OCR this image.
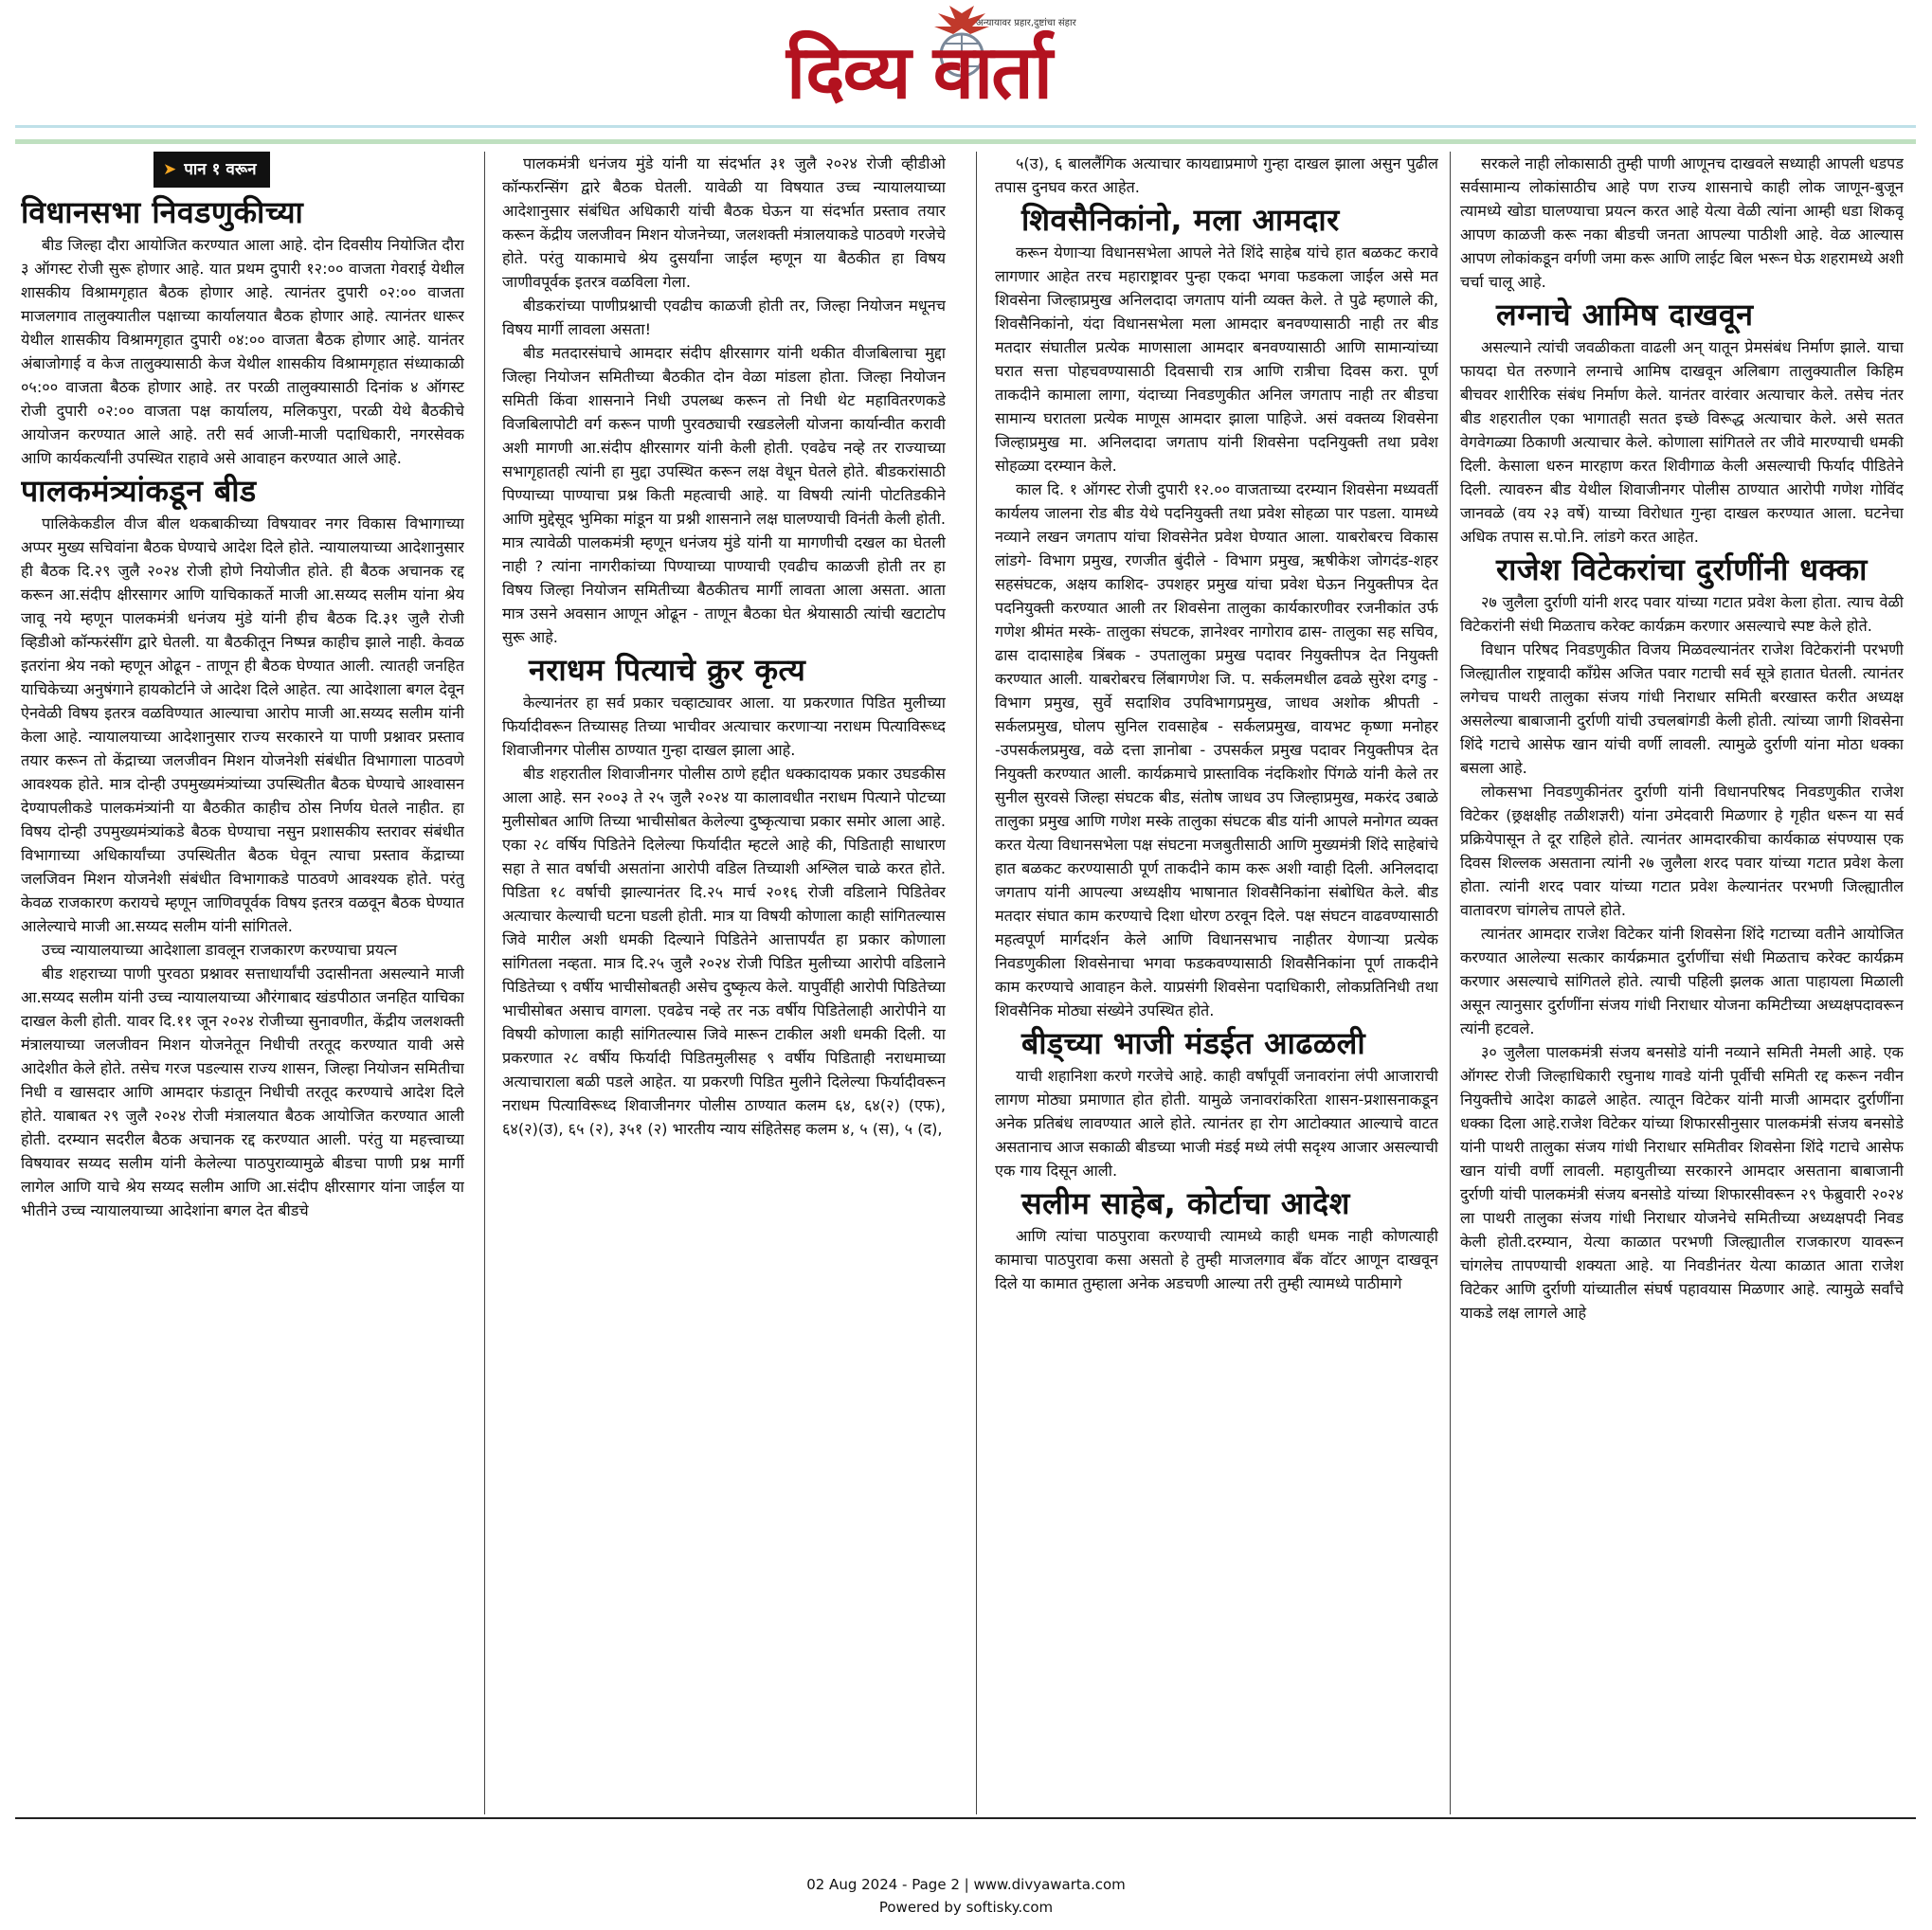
अन्यायावर प्रहार,दुष्टांचा संहार
दिव्य वार्ता
➤ पान १ वरून
विधानसभा निवडणुकीच्या

बीड जिल्हा दौरा आयोजित करण्यात आला आहे. दोन दिवसीय नियोजित दौरा ३ ऑगस्ट रोजी सुरू होणार आहे. यात प्रथम दुपारी १२:०० वाजता गेवराई येथील शासकीय विश्रामगृहात बैठक होणार आहे. त्यानंतर दुपारी ०२:०० वाजता माजलगाव तालुक्यातील पक्षाच्या कार्यालयात बैठक होणार आहे. त्यानंतर धारूर येथील शासकीय विश्रामगृहात दुपारी ०४:०० वाजता बैठक होणार आहे. यानंतर अंबाजोगाई व केज तालुक्यासाठी केज येथील शासकीय विश्रामगृहात संध्याकाळी ०५:०० वाजता बैठक होणार आहे. तर परळी तालुक्यासाठी दिनांक ४ ऑगस्ट रोजी दुपारी ०२:०० वाजता पक्ष कार्यालय, मलिकपुरा, परळी येथे बैठकीचे आयोजन करण्यात आले आहे. तरी सर्व आजी-माजी पदाधिकारी, नगरसेवक आणि कार्यकर्त्यांनी उपस्थित राहावे असे आवाहन करण्यात आले आहे.

पालकमंत्र्यांकडून बीड

पालिकेकडील वीज बील थकबाकीच्या विषयावर नगर विकास विभागाच्या अप्पर मुख्य सचिवांना बैठक घेण्याचे आदेश दिले होते. न्यायालयाच्या आदेशानुसार ही बैठक दि.२९ जुलै २०२४ रोजी होणे नियोजीत होते. ही बैठक अचानक रद्द करून आ.संदीप क्षीरसागर आणि याचिकाकर्ते माजी आ.सय्यद सलीम यांना श्रेय जावू नये म्हणून पालकमंत्री धनंजय मुंडे यांनी हीच बैठक दि.३१ जुलै रोजी व्हिडीओ कॉन्फरंसींग द्वारे घेतली. या बैठकीतून निष्पन्न काहीच झाले नाही. केवळ इतरांना श्रेय नको म्हणून ओढून - ताणून ही बैठक घेण्यात आली. त्यातही जनहित याचिकेच्या अनुषंगाने हायकोर्टाने जे आदेश दिले आहेत. त्या आदेशाला बगल देवून ऐनवेळी विषय इतरत्र वळविण्यात आल्याचा आरोप माजी आ.सय्यद सलीम यांनी केला आहे. न्यायालयाच्या आदेशानुसार राज्य सरकारने या पाणी प्रश्नावर प्रस्ताव तयार करून तो केंद्राच्या जलजीवन मिशन योजनेशी संबंधीत विभागाला पाठवणे आवश्यक होते. मात्र दोन्ही उपमुख्यमंत्र्यांच्या उपस्थितीत बैठक घेण्याचे आश्वासन देण्यापलीकडे पालकमंत्र्यांनी या बैठकीत काहीच ठोस निर्णय घेतले नाहीत. हा विषय दोन्ही उपमुख्यमंत्र्यांकडे बैठक घेण्याचा नसुन प्रशासकीय स्तरावर संबंधीत विभागाच्या अधिकार्यांच्या उपस्थितीत बैठक घेवून त्याचा प्रस्ताव केंद्राच्या जलजिवन मिशन योजनेशी संबंधीत विभागाकडे पाठवणे आवश्यक होते. परंतु केवळ राजकारण करायचे म्हणून जाणिवपूर्वक विषय इतरत्र वळवून बैठक घेण्यात आलेल्याचे माजी आ.सय्यद सलीम यांनी सांगितले.

उच्च न्यायालयाच्या आदेशाला डावलून राजकारण करण्याचा प्रयत्न

बीड शहराच्या पाणी पुरवठा प्रश्नावर सत्ताधार्यांची उदासीनता असल्याने माजी आ.सय्यद सलीम यांनी उच्च न्यायालयाच्या औरंगाबाद खंडपीठात जनहित याचिका दाखल केली होती. यावर दि.११ जून २०२४ रोजीच्या सुनावणीत, केंद्रीय जलशक्ती मंत्रालयाच्या जलजीवन मिशन योजनेतून निधीची तरतूद करण्यात यावी असे आदेशीत केले होते. तसेच गरज पडल्यास राज्य शासन, जिल्हा नियोजन समितीचा निधी व खासदार आणि आमदार फंडातून निधीची तरतूद करण्याचे आदेश दिले होते. याबाबत २९ जुलै २०२४ रोजी मंत्रालयात बैठक आयोजित करण्यात आली होती. दरम्यान सदरील बैठक अचानक रद्द करण्यात आली. परंतु या महत्त्वाच्या विषयावर सय्यद सलीम यांनी केलेल्या पाठपुराव्यामुळे बीडचा पाणी प्रश्न मार्गी लागेल आणि याचे श्रेय सय्यद सलीम आणि आ.संदीप क्षीरसागर यांना जाईल या भीतीने उच्च न्यायालयाच्या आदेशांना बगल देत बीडचे

पालकमंत्री धनंजय मुंडे यांनी या संदर्भात ३१ जुलै २०२४ रोजी व्हीडीओ कॉन्फरन्सिंग द्वारे बैठक घेतली. यावेळी या विषयात उच्च न्यायालयाच्या आदेशानुसार संबंधित अधिकारी यांची बैठक घेऊन या संदर्भात प्रस्ताव तयार करून केंद्रीय जलजीवन मिशन योजनेच्या, जलशक्ती मंत्रालयाकडे पाठवणे गरजेचे होते. परंतु याकामाचे श्रेय दुसर्यांना जाईल म्हणून या बैठकीत हा विषय जाणीवपूर्वक इतरत्र वळविला गेला.

बीडकरांच्या पाणीप्रश्नाची एवढीच काळजी होती तर, जिल्हा नियोजन मधूनच विषय मार्गी लावला असता!

बीड मतदारसंघाचे आमदार संदीप क्षीरसागर यांनी थकीत वीजबिलाचा मुद्दा जिल्हा नियोजन समितीच्या बैठकीत दोन वेळा मांडला होता. जिल्हा नियोजन समिती किंवा शासनाने निधी उपलब्ध करून तो निधी थेट महावितरणकडे विजबिलापोटी वर्ग करून पाणी पुरवठ्याची रखडलेली योजना कार्यान्वीत करावी अशी मागणी आ.संदीप क्षीरसागर यांनी केली होती. एवढेच नव्हे तर राज्याच्या सभागृहातही त्यांनी हा मुद्दा उपस्थित करून लक्ष वेधून घेतले होते. बीडकरांसाठी पिण्याच्या पाण्याचा प्रश्न किती महत्वाची आहे. या विषयी त्यांनी पोटतिडकीने आणि मुद्देसूद भुमिका मांडून या प्रश्नी शासनाने लक्ष घालण्याची विनंती केली होती. मात्र त्यावेळी पालकमंत्री म्हणून धनंजय मुंडे यांनी या मागणीची दखल का घेतली नाही ? त्यांना नागरीकांच्या पिण्याच्या पाण्याची एवढीच काळजी होती तर हा विषय जिल्हा नियोजन समितीच्या बैठकीतच मार्गी लावता आला असता. आता मात्र उसने अवसान आणून ओढून - ताणून बैठका घेत श्रेयासाठी त्यांची खटाटोप सुरू आहे.

नराधम पित्याचे क्रुर कृत्य

केल्यानंतर हा सर्व प्रकार चव्हाट्यावर आला. या प्रकरणात पिडित मुलीच्या फिर्यादीवरून तिच्यासह तिच्या भाचीवर अत्याचार करणाऱ्या नराधम पित्याविरूध्द शिवाजीनगर पोलीस ठाण्यात गुन्हा दाखल झाला आहे.

बीड शहरातील शिवाजीनगर पोलीस ठाणे हद्दीत धक्कादायक प्रकार उघडकीस आला आहे. सन २००३ ते २५ जुलै २०२४ या कालावधीत नराधम पित्याने पोटच्या मुलीसोबत आणि तिच्या भाचीसोबत केलेल्या दुष्कृत्याचा प्रकार समोर आला आहे. एका २८ वर्षिय पिडितेने दिलेल्या फिर्यादीत म्हटले आहे की, पिडिताही साधारण सहा ते सात वर्षाची असतांना आरोपी वडिल तिच्याशी अश्लिल चाळे करत होते. पिडिता १८ वर्षाची झाल्यानंतर दि.२५ मार्च २०१६ रोजी वडिलाने पिडितेवर अत्याचार केल्याची घटना घडली होती. मात्र या विषयी कोणाला काही सांगितल्यास जिवे मारील अशी धमकी दिल्याने पिडितेने आत्तापर्यंत हा प्रकार कोणाला सांगितला नव्हता. मात्र दि.२५ जुलै २०२४ रोजी पिडित मुलीच्या आरोपी वडिलाने पिडितेच्या ९ वर्षीय भाचीसोबतही असेच दुष्कृत्य केले. यापुर्वीही आरोपी पिडितेच्या भाचीसोबत असाच वागला. एवढेच नव्हे तर नऊ वर्षीय पिडितेलाही आरोपीने या विषयी कोणाला काही सांगितल्यास जिवे मारून टाकील अशी धमकी दिली. या प्रकरणात २८ वर्षीय फिर्यादी पिडितमुलीसह ९ वर्षीय पिडिताही नराधमाच्या अत्याचाराला बळी पडले आहेत. या प्रकरणी पिडित मुलीने दिलेल्या फिर्यादीवरून नराधम पित्याविरूध्द शिवाजीनगर पोलीस ठाण्यात कलम ६४, ६४(२) (एफ), ६४(२)(उ), ६५ (२), ३५१ (२) भारतीय न्याय संहितेसह कलम ४, ५ (स), ५ (द),

५(उ), ६ बाललैंगिक अत्याचार कायद्याप्रमाणे गुन्हा दाखल झाला असुन पुढील तपास दुनघव करत आहेत.

शिवसैनिकांनो, मला आमदार

करून येणाऱ्या विधानसभेला आपले नेते शिंदे साहेब यांचे हात बळकट करावे लागणार आहेत तरच महाराष्ट्रावर पुन्हा एकदा भगवा फडकला जाईल असे मत शिवसेना जिल्हाप्रमुख अनिलदादा जगताप यांनी व्यक्त केले. ते पुढे म्हणाले की, शिवसैनिकांनो, यंदा विधानसभेला मला आमदार बनवण्यासाठी नाही तर बीड मतदार संघातील प्रत्येक माणसाला आमदार बनवण्यासाठी आणि सामान्यांच्या घरात सत्ता पोहचवण्यासाठी दिवसाची रात्र आणि रात्रीचा दिवस करा. पूर्ण ताकदीने कामाला लागा, यंदाच्या निवडणुकीत अनिल जगताप नाही तर बीडचा सामान्य घरातला प्रत्येक माणूस आमदार झाला पाहिजे. असं वक्तव्य शिवसेना जिल्हाप्रमुख मा. अनिलदादा जगताप यांनी शिवसेना पदनियुक्ती तथा प्रवेश सोहळ्या दरम्यान केले.

काल दि. १ ऑगस्ट रोजी दुपारी १२.०० वाजताच्या दरम्यान शिवसेना मध्यवर्ती कार्यलय जालना रोड बीड येथे पदनियुक्ती तथा प्रवेश सोहळा पार पडला. यामध्ये नव्याने लखन जगताप यांचा शिवसेनेत प्रवेश घेण्यात आला. याबरोबरच विकास लांडगे- विभाग प्रमुख, रणजीत बुंदीले - विभाग प्रमुख, ऋषीकेश जोगदंड-शहर सहसंघटक, अक्षय काशिद- उपशहर प्रमुख यांचा प्रवेश घेऊन नियुक्तीपत्र देत पदनियुक्ती करण्यात आली तर शिवसेना तालुका कार्यकारणीवर रजनीकांत उर्फ गणेश श्रीमंत मस्के- तालुका संघटक, ज्ञानेश्वर नागोराव ढास- तालुका सह सचिव, ढास दादासाहेब त्रिंबक - उपतालुका प्रमुख पदावर नियुक्तीपत्र देत नियुक्ती करण्यात आली. याबरोबरच लिंबागणेश जि. प. सर्कलमधील ढवळे सुरेश दगडु - विभाग प्रमुख, सुर्वे सदाशिव उपविभागप्रमुख, जाधव अशोक श्रीपती - सर्कलप्रमुख, घोलप सुनिल रावसाहेब - सर्कलप्रमुख, वायभट कृष्णा मनोहर -उपसर्कलप्रमुख, वळे दत्ता ज्ञानोबा - उपसर्कल प्रमुख पदावर नियुक्तीपत्र देत नियुक्ती करण्यात आली. कार्यक्रमाचे प्रास्ताविक नंदकिशोर पिंगळे यांनी केले तर सुनील सुरवसे जिल्हा संघटक बीड, संतोष जाधव उप जिल्हाप्रमुख, मकरंद उबाळे तालुका प्रमुख आणि गणेश मस्के तालुका संघटक बीड यांनी आपले मनोगत व्यक्त करत येत्या विधानसभेला पक्ष संघटना मजबुतीसाठी आणि मुख्यमंत्री शिंदे साहेबांचे हात बळकट करण्यासाठी पूर्ण ताकदीने काम करू अशी ग्वाही दिली. अनिलदादा जगताप यांनी आपल्या अध्यक्षीय भाषानात शिवसैनिकांना संबोधित केले. बीड मतदार संघात काम करण्याचे दिशा धोरण ठरवून दिले. पक्ष संघटन वाढवण्यासाठी महत्वपूर्ण मार्गदर्शन केले आणि विधानसभाच नाहीतर येणाऱ्या प्रत्येक निवडणुकीला शिवसेनाचा भगवा फडकवण्यासाठी शिवसैनिकांना पूर्ण ताकदीने काम करण्याचे आवाहन केले. याप्रसंगी शिवसेना पदाधिकारी, लोकप्रतिनिधी तथा शिवसैनिक मोठ्या संख्येने उपस्थित होते.

बीड्च्या भाजी मंडईत आढळली

याची शहानिशा करणे गरजेचे आहे. काही वर्षांपूर्वी जनावरांना लंपी आजाराची लागण मोठ्या प्रमाणात होत होती. यामुळे जनावरांकरिता शासन-प्रशासनाकडून अनेक प्रतिबंध लावण्यात आले होते. त्यानंतर हा रोग आटोक्यात आल्याचे वाटत असतानाच आज सकाळी बीडच्या भाजी मंडई मध्ये लंपी सदृश्य आजार असल्याची एक गाय दिसून आली.

सलीम साहेब, कोर्टाचा आदेश

आणि त्यांचा पाठपुरावा करण्याची त्यामध्ये काही धमक नाही कोणत्याही कामाचा पाठपुरावा कसा असतो हे तुम्ही माजलगाव बँक वॉटर आणून दाखवून दिले या कामात तुम्हाला अनेक अडचणी आल्या तरी तुम्ही त्यामध्ये पाठीमागे

सरकले नाही लोकासाठी तुम्ही पाणी आणूनच दाखवले सध्याही आपली धडपड सर्वसामान्य लोकांसाठीच आहे पण राज्य शासनाचे काही लोक जाणून-बुजून त्यामध्ये खोडा घालण्याचा प्रयत्न करत आहे येत्या वेळी त्यांना आम्ही धडा शिकवू आपण काळजी करू नका बीडची जनता आपल्या पाठीशी आहे. वेळ आल्यास आपण लोकांकडून वर्गणी जमा करू आणि लाईट बिल भरून घेऊ शहरामध्ये अशी चर्चा चालू आहे.

लग्नाचे आमिष दाखवून

असल्याने त्यांची जवळीकता वाढली अन् यातून प्रेमसंबंध निर्माण झाले. याचा फायदा घेत तरुणाने लग्नाचे आमिष दाखवून अलिबाग तालुक्यातील किहिम बीचवर शारीरिक संबंध निर्माण केले. यानंतर वारंवार अत्याचार केले. तसेच नंतर बीड शहरातील एका भागातही सतत इच्छे विरूद्ध अत्याचार केले. असे सतत वेगवेगळ्या ठिकाणी अत्याचार केले. कोणाला सांगितले तर जीवे मारण्याची धमकी दिली. केसाला धरुन मारहाण करत शिवीगाळ केली असल्याची फिर्याद पीडितेने दिली. त्यावरुन बीड येथील शिवाजीनगर पोलीस ठाण्यात आरोपी गणेश गोविंद जानवळे (वय २३ वर्षे) याच्या विरोधात गुन्हा दाखल करण्यात आला. घटनेचा अधिक तपास स.पो.नि. लांडगे करत आहेत.

राजेश विटेकरांचा दुर्राणींनी धक्का

२७ जुलैला दुर्राणी यांनी शरद पवार यांच्या गटात प्रवेश केला होता. त्याच वेळी विटेकरांनी संधी मिळताच करेक्ट कार्यक्रम करणार असल्याचे स्पष्ट केले होते.

विधान परिषद निवडणुकीत विजय मिळवल्यानंतर राजेश विटेकरांनी परभणी जिल्ह्यातील राष्ट्रवादी काँग्रेस अजित पवार गटाची सर्व सूत्रे हातात घेतली. त्यानंतर लगेचच पाथरी तालुका संजय गांधी निराधार समिती बरखास्त करीत अध्यक्ष असलेल्या बाबाजानी दुर्राणी यांची उचलबांगडी केली होती. त्यांच्या जागी शिवसेना शिंदे गटाचे आसेफ खान यांची वर्णी लावली. त्यामुळे दुर्राणी यांना मोठा धक्का बसला आहे.

लोकसभा निवडणुकीनंतर दुर्राणी यांनी विधानपरिषद निवडणुकीत राजेश विटेकर (छ्रक्षक्षीह तळीशज्ञरी) यांना उमेदवारी मिळणार हे गृहीत धरून या सर्व प्रक्रियेपासून ते दूर राहिले होते. त्यानंतर आमदारकीचा कार्यकाळ संपण्यास एक दिवस शिल्लक असताना त्यांनी २७ जुलैला शरद पवार यांच्या गटात प्रवेश केला होता. त्यांनी शरद पवार यांच्या गटात प्रवेश केल्यानंतर परभणी जिल्ह्यातील वातावरण चांगलेच तापले होते.

त्यानंतर आमदार राजेश विटेकर यांनी शिवसेना शिंदे गटाच्या वतीने आयोजित करण्यात आलेल्या सत्कार कार्यक्रमात दुर्राणींचा संधी मिळताच करेक्ट कार्यक्रम करणार असल्याचे सांगितले होते. त्याची पहिली झलक आता पाहायला मिळाली असून त्यानुसार दुर्राणींना संजय गांधी निराधार योजना कमिटीच्या अध्यक्षपदावरून त्यांनी हटवले.

३० जुलैला पालकमंत्री संजय बनसोडे यांनी नव्याने समिती नेमली आहे. एक ऑगस्ट रोजी जिल्हाधिकारी रघुनाथ गावडे यांनी पूर्वीची समिती रद्द करून नवीन नियुक्तीचे आदेश काढले आहेत. त्यातून विटेकर यांनी माजी आमदार दुर्राणींना धक्का दिला आहे.राजेश विटेकर यांच्या शिफारसीनुसार पालकमंत्री संजय बनसोडे यांनी पाथरी तालुका संजय गांधी निराधार समितीवर शिवसेना शिंदे गटाचे आसेफ खान यांची वर्णी लावली. महायुतीच्या सरकारने आमदार असताना बाबाजानी दुर्राणी यांची पालकमंत्री संजय बनसोडे यांच्या शिफारसीवरून २९ फेब्रुवारी २०२४ ला पाथरी तालुका संजय गांधी निराधार योजनेचे समितीच्या अध्यक्षपदी निवड केली होती.दरम्यान, येत्या काळात परभणी जिल्ह्यातील राजकारण यावरून चांगलेच तापण्याची शक्यता आहे. या निवडीनंतर येत्या काळात आता राजेश विटेकर आणि दुर्राणी यांच्यातील संघर्ष पहावयास मिळणार आहे. त्यामुळे सर्वांचे याकडे लक्ष लागले आहे

02 Aug 2024 - Page 2 | www.divyawarta.com
Powered by softisky.com
